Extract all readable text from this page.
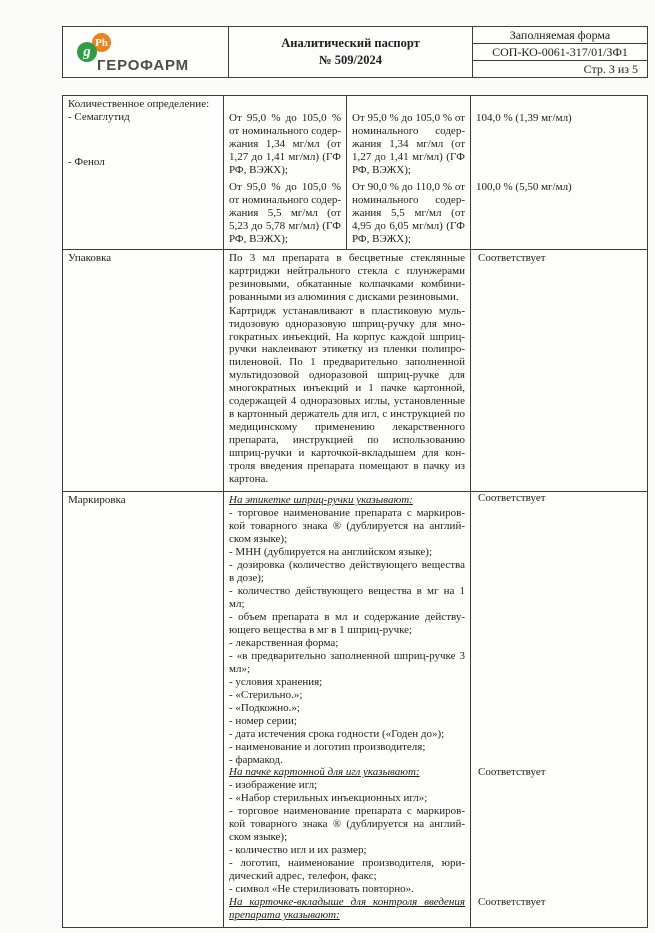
g
Ph
ГЕРОФАРМ
Аналитический паспорт
№ 509/2024
Заполняемая форма
СОП-КО-0061-317/01/ЗФ1
Стр. 3 из 5
Количественное определение:
- Семаглутид
- Фенол
От 95,0 % до 105,0 % от номинального содержания 1,34 мг/мл (от 1,27 до 1,41 мг/мл) (ГФ РФ, ВЭЖХ);
От 95,0 % до 105,0 % от номинального содержания 1,34 мг/мл (от 1,27 до 1,41 мг/мл) (ГФ РФ, ВЭЖХ);
104,0 % (1,39 мг/мл)
От 95,0 % до 105,0 % от номинального содержания 5,5 мг/мл (от 5,23 до 5,78 мг/мл) (ГФ РФ, ВЭЖХ);
От 90,0 % до 110,0 % от номинального содержания 5,5 мг/мл (от 4,95 до 6,05 мг/мл) (ГФ РФ, ВЭЖХ);
100,0 % (5,50 мг/мл)
Упаковка	По 3 мл препарата в бесцветные стеклянные картриджи нейтрального стекла с плунжерами резиновыми, обкатанные колпачками комбинированными из алюминия с дисками резиновыми.

Картридж устанавливают в пластиковую мультидозовую одноразовую шприц-ручку для многократных инъекций. На корпус каждой шприц-ручки наклеивают этикетку из пленки полипропиленовой. По 1 предварительно заполненной мультидозовой одноразовой шприц-ручке для многократных инъекций и 1 пачке картонной, содержащей 4 одноразовых иглы, установленные в картонный держатель для игл, с инструкцией по медицинскому применению лекарственного препарата, инструкцией по использованию шприц-ручки и карточкой-вкладышем для контроля введения препарата помещают в пачку из картона.

Соответствует
Маркировка	На этикетке шприц-ручки указывают:
- торговое наименование препарата с маркировкой товарного знака ® (дублируется на английском языке);
- МНН (дублируется на английском языке);
- дозировка (количество действующего вещества в дозе);
- количество действующего вещества в мг на 1 мл;
- объем препарата в мл и содержание действующего вещества в мг в 1 шприц-ручке;
- лекарственная форма;
- «в предварительно заполненной шприц-ручке 3 мл»;
- условия хранения;
- «Стерильно.»;
- «Подкожно.»;
- номер серии;
- дата истечения срока годности («Годен до»);
- наименование и логотип производителя;
- фармакод.
Соответствует
На пачке картонной для игл указывают:
- изображение игл;
- «Набор стерильных инъекционных игл»;
- торговое наименование препарата с маркировкой товарного знака ® (дублируется на английском языке);
- количество игл и их размер;
- логотип, наименование производителя, юридический адрес, телефон, факс;
- символ «Не стерилизовать повторно».
Соответствует
На карточке-вкладыше для контроля введения препарата указывают:
Соответствует
